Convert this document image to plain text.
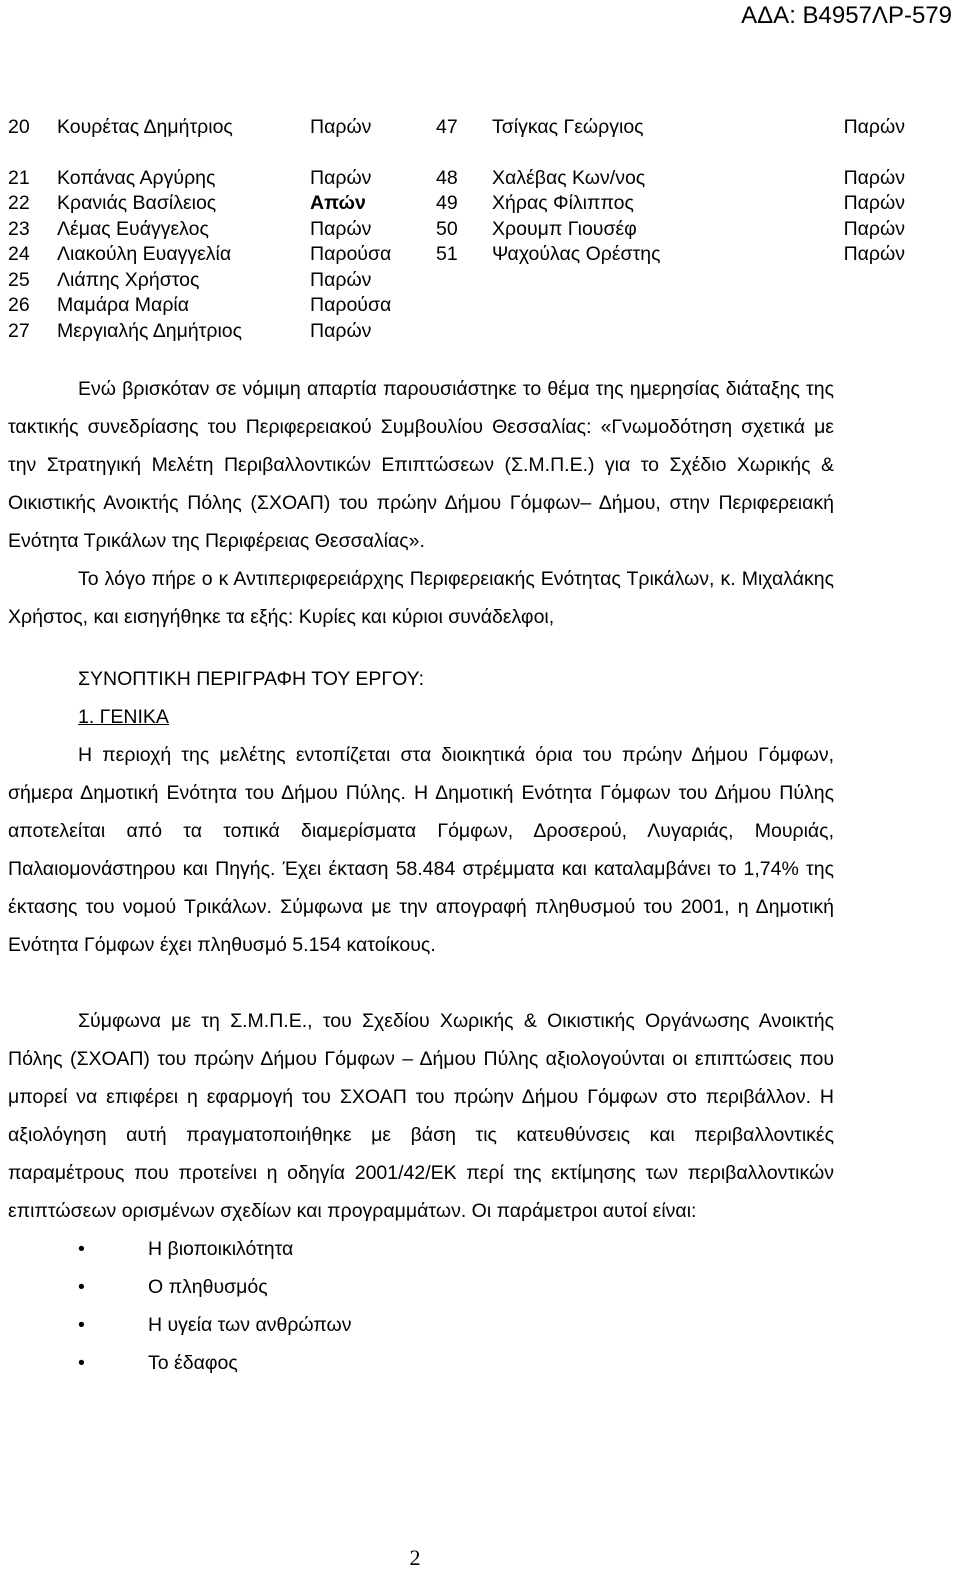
ΑΔΑ: Β4957ΛΡ-579
20 Κουρέτας Δημήτριος	Παρών	47 Τσίγκας Γεώργιος	Παρών
21 Κοπάνας Αργύρης	Παρών	48 Χαλέβας Κων/νος	Παρών
22 Κρανιάς Βασίλειος	Απών	49 Χήρας Φίλιππος	Παρών
23 Λέμας Ευάγγελος	Παρών	50 Χρουμπ Γιουσέφ	Παρών
24 Λιακούλη Ευαγγελία	Παρούσα 51 Ψαχούλας Ορέστης	Παρών
25 Λιάπης Χρήστος	Παρών
26 Μαμάρα Μαρία	Παρούσα
27 Μεργιαλής Δημήτριος	Παρών

Ενώ βρισκόταν σε νόμιμη απαρτία παρουσιάστηκε το θέμα της ημερησίας διάταξης της τακτικής συνεδρίασης του Περιφερειακού Συμβουλίου Θεσσαλίας: «Γνωμοδότηση σχετικά με την Στρατηγική Μελέτη Περιβαλλοντικών Επιπτώσεων (Σ.Μ.Π.Ε.) για το Σχέδιο Χωρικής & Οικιστικής Ανοικτής Πόλης (ΣΧΟΑΠ) του πρώην Δήμου Γόμφων– Δήμου, στην Περιφερειακή Ενότητα Τρικάλων της Περιφέρειας Θεσσαλίας».

Το λόγο πήρε ο κ Αντιπεριφερειάρχης Περιφερειακής Ενότητας Τρικάλων, κ. Μιχαλάκης Χρήστος, και εισηγήθηκε τα εξής: Κυρίες και κύριοι συνάδελφοι,

ΣΥΝΟΠΤΙΚΗ ΠΕΡΙΓΡΑΦΗ ΤΟΥ ΕΡΓΟΥ:
1. ΓΕΝΙΚΑ

Η περιοχή της μελέτης εντοπίζεται στα διοικητικά όρια του πρώην Δήμου Γόμφων, σήμερα Δημοτική Ενότητα του Δήμου Πύλης. Η Δημοτική Ενότητα Γόμφων του Δήμου Πύλης αποτελείται από τα τοπικά διαμερίσματα Γόμφων, Δροσερού, Λυγαριάς, Μουριάς, Παλαιομονάστηρου και Πηγής. Έχει έκταση 58.484 στρέμματα και καταλαμβάνει το 1,74% της έκτασης του νομού Τρικάλων. Σύμφωνα με την απογραφή πληθυσμού του 2001, η Δημοτική Ενότητα Γόμφων έχει πληθυσμό 5.154 κατοίκους.

Σύμφωνα με τη Σ.Μ.Π.Ε., του Σχεδίου Χωρικής & Οικιστικής Οργάνωσης Ανοικτής Πόλης (ΣΧΟΑΠ) του πρώην Δήμου Γόμφων – Δήμου Πύλης αξιολογούνται οι επιπτώσεις που μπορεί να επιφέρει η εφαρμογή του ΣΧΟΑΠ του πρώην Δήμου Γόμφων στο περιβάλλον. Η αξιολόγηση αυτή πραγματοποιήθηκε με βάση τις κατευθύνσεις και περιβαλλοντικές παραμέτρους που προτείνει η οδηγία 2001/42/ΕΚ περί της εκτίμησης των περιβαλλοντικών επιπτώσεων ορισμένων σχεδίων και προγραμμάτων. Οι παράμετροι αυτοί είναι:

•	Η βιοποικιλότητα
•	Ο πληθυσμός
•	Η υγεία των ανθρώπων
•	Το έδαφος
2
